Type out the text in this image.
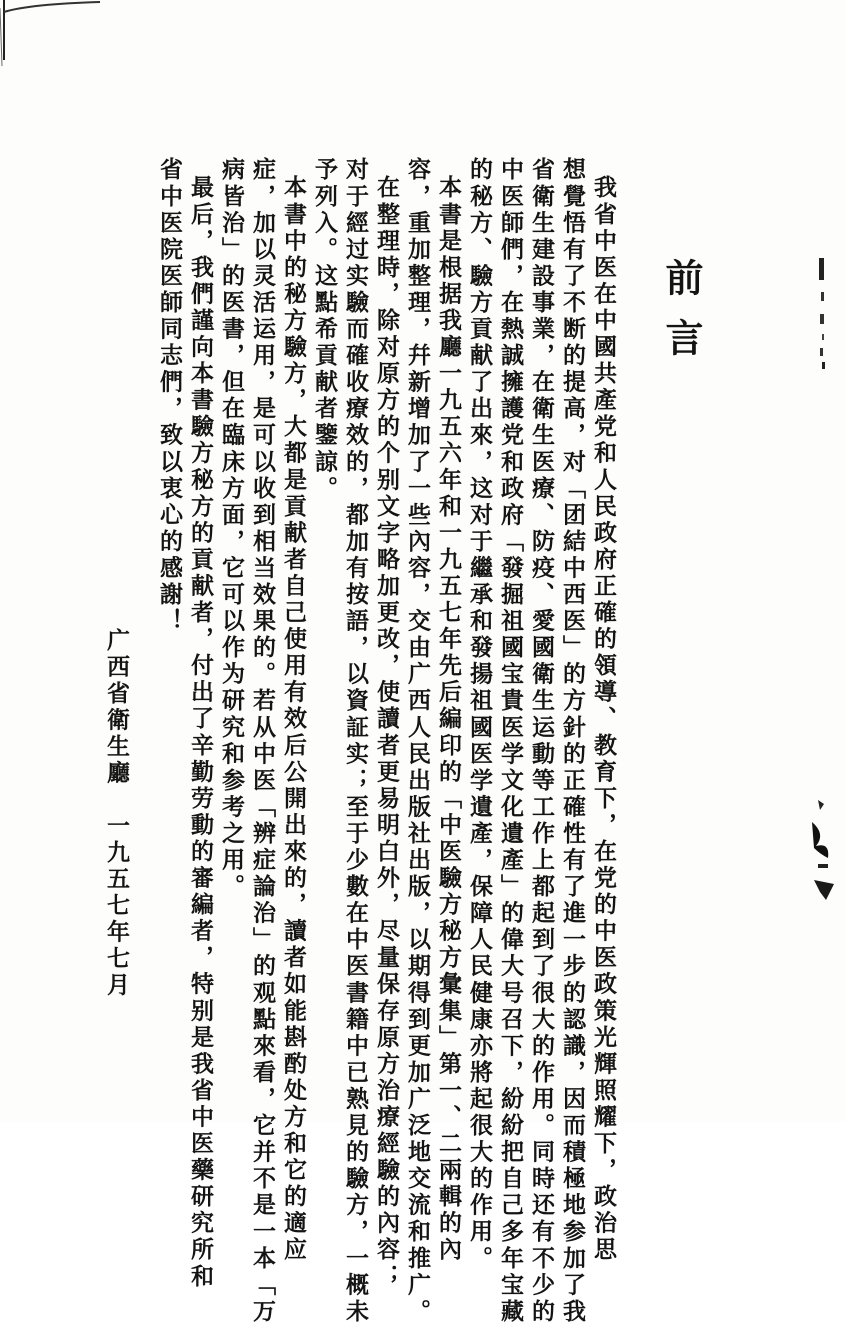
前言

我省中医在中國共產党和人民政府正確的領導、教育下，在党的中医政策光輝照耀下，政治思

想覺悟有了不断的提高，对「团結中西医」的方針的正確性有了進一步的認識，因而積極地参加了我

省衛生建設事業，在衛生医療、防疫、愛國衛生运動等工作上都起到了很大的作用。同時还有不少的

中医師們，在熱誠擁護党和政府「發掘祖國宝貴医学文化遺產」的偉大号召下，紛紛把自己多年宝藏

的秘方、驗方貢献了出來，这对于繼承和發揚祖國医学遺產，保障人民健康亦將起很大的作用。

本書是根据我廳一九五六年和一九五七年先后編印的「中医驗方秘方彙集」第一、二兩輯的內

容，重加整理，幷新增加了一些內容，交由广西人民出版社出版，以期得到更加广泛地交流和推广。

在整理時，除对原方的个别文字略加更改，使讀者更易明白外，尽量保存原方治療經驗的內容；

对于經过实驗而確收療效的，都加有按語，以資証实；至于少數在中医書籍中已熟見的驗方，一概未

予列入。这點希貢献者鑒諒。

本書中的秘方驗方，大都是貢献者自己使用有效后公開出來的，讀者如能斟酌处方和它的適应

症，加以灵活运用，是可以收到相当效果的。若从中医「辨症論治」的观點來看，它并不是一本「万

病皆治」的医書，但在臨床方面，它可以作为研究和参考之用。

最后，我們謹向本書驗方秘方的貢献者，付出了辛勤劳動的審編者，特别是我省中医藥研究所和

省中医院医師同志們，致以衷心的感謝！

广西省衛生廳　一九五七年七月
